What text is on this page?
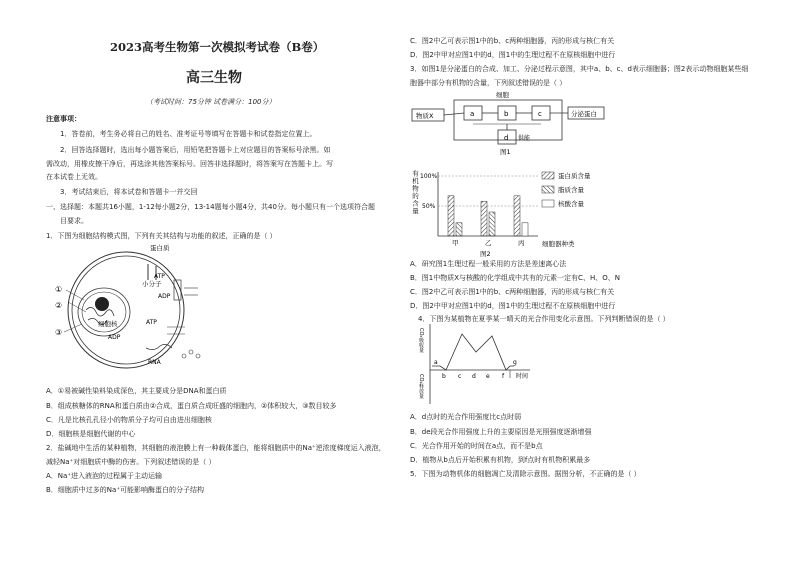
2023高考生物第一次模拟考试卷（B卷）
高三生物
（考试时间：75分钟 试卷满分：100分）
注意事项：
1．答卷前，考生务必将自己的姓名、准考证号等填写在答题卡和试卷指定位置上。
2．回答选择题时，选出每小题答案后，用铅笔把答题卡上对应题目的答案标号涂黑。如
需改动，用橡皮擦干净后，再选涂其他答案标号。回答非选择题时，将答案写在答题卡上。写
在本试卷上无效。
3．考试结束后，将本试卷和答题卡一并交回
一、选择题：本题共16小题，1-12每小题2分，13-14题每小题4分，共40分。每小题只有一个选项符合题
目要求。
1．下图为细胞结构模式图，下列有关其结构与功能的叙述，正确的是（ ）
蛋白质
小分子
ATP
ADP
细胞核	ATP
ADP
RNA
①
②
③
A．①易被碱性染料染成深色，其主要成分是DNA和蛋白质
B．组成核糖体的RNA和蛋白质由②合成，蛋白质合成旺盛的细胞内，②体积较大，③数目较多
C．凡是比核孔孔径小的物质分子均可自由进出细胞核
D．细胞核是细胞代谢的中心
2．盐碱地中生活的某种植物，其细胞的液泡膜上有一种载体蛋白，能将细胞质中的Na⁺逆浓度梯度运入液泡，
减轻Na⁺对细胞质中酶的伤害。下列叙述错误的是（ ）
A．Na⁺进入液泡的过程属于主动运输
B．细胞质中过多的Na⁺可能影响酶蛋白的分子结构
C．图2中乙可表示图1中的b、c两种细胞器，丙的形成与核仁有关
D．图2中甲对应图1中的d，图1中的生理过程不在原核细胞中进行
3．如图1是分泌蛋白的合成、加工、分泌过程示意图，其中a、b、c、d表示细胞器；图2表示动物细胞某些细
胞器中部分有机物的含量，下列叙述错误的是（ ）
细胞
物质X	a	b	c
d 供能
分泌蛋白
图1
有机物的含量 50%
100%
甲	乙	丙	细胞器种类
图2
蛋白质含量
脂质含量
核酸含量
A．研究图1生理过程一般采用的方法是差速离心法
B．图1中物质X与核酸的化学组成中共有的元素一定有C、H、O、N
C．图2中乙可表示图1中的b、c两种细胞器，丙的形成与核仁有关
D．图2中甲对应图1中的d，图1中的生理过程不在原核细胞中进行
4．下图为某植物在夏季某一晴天的光合作用变化示意图。下列判断错误的是（ ）
CO₂吸收量
CO₂释放量
a
b c d e f
g
时间
A．d点时的光合作用强度比c点时弱
B．de段光合作用强度上升的主要原因是光照强度逐渐增强
C．光合作用开始的时间在a点，而不是b点
D．植物从b点后开始积累有机物，到f点时有机物积累最多
5．下图为动物机体的细胞凋亡及清除示意图。据图分析，不正确的是（ ）
